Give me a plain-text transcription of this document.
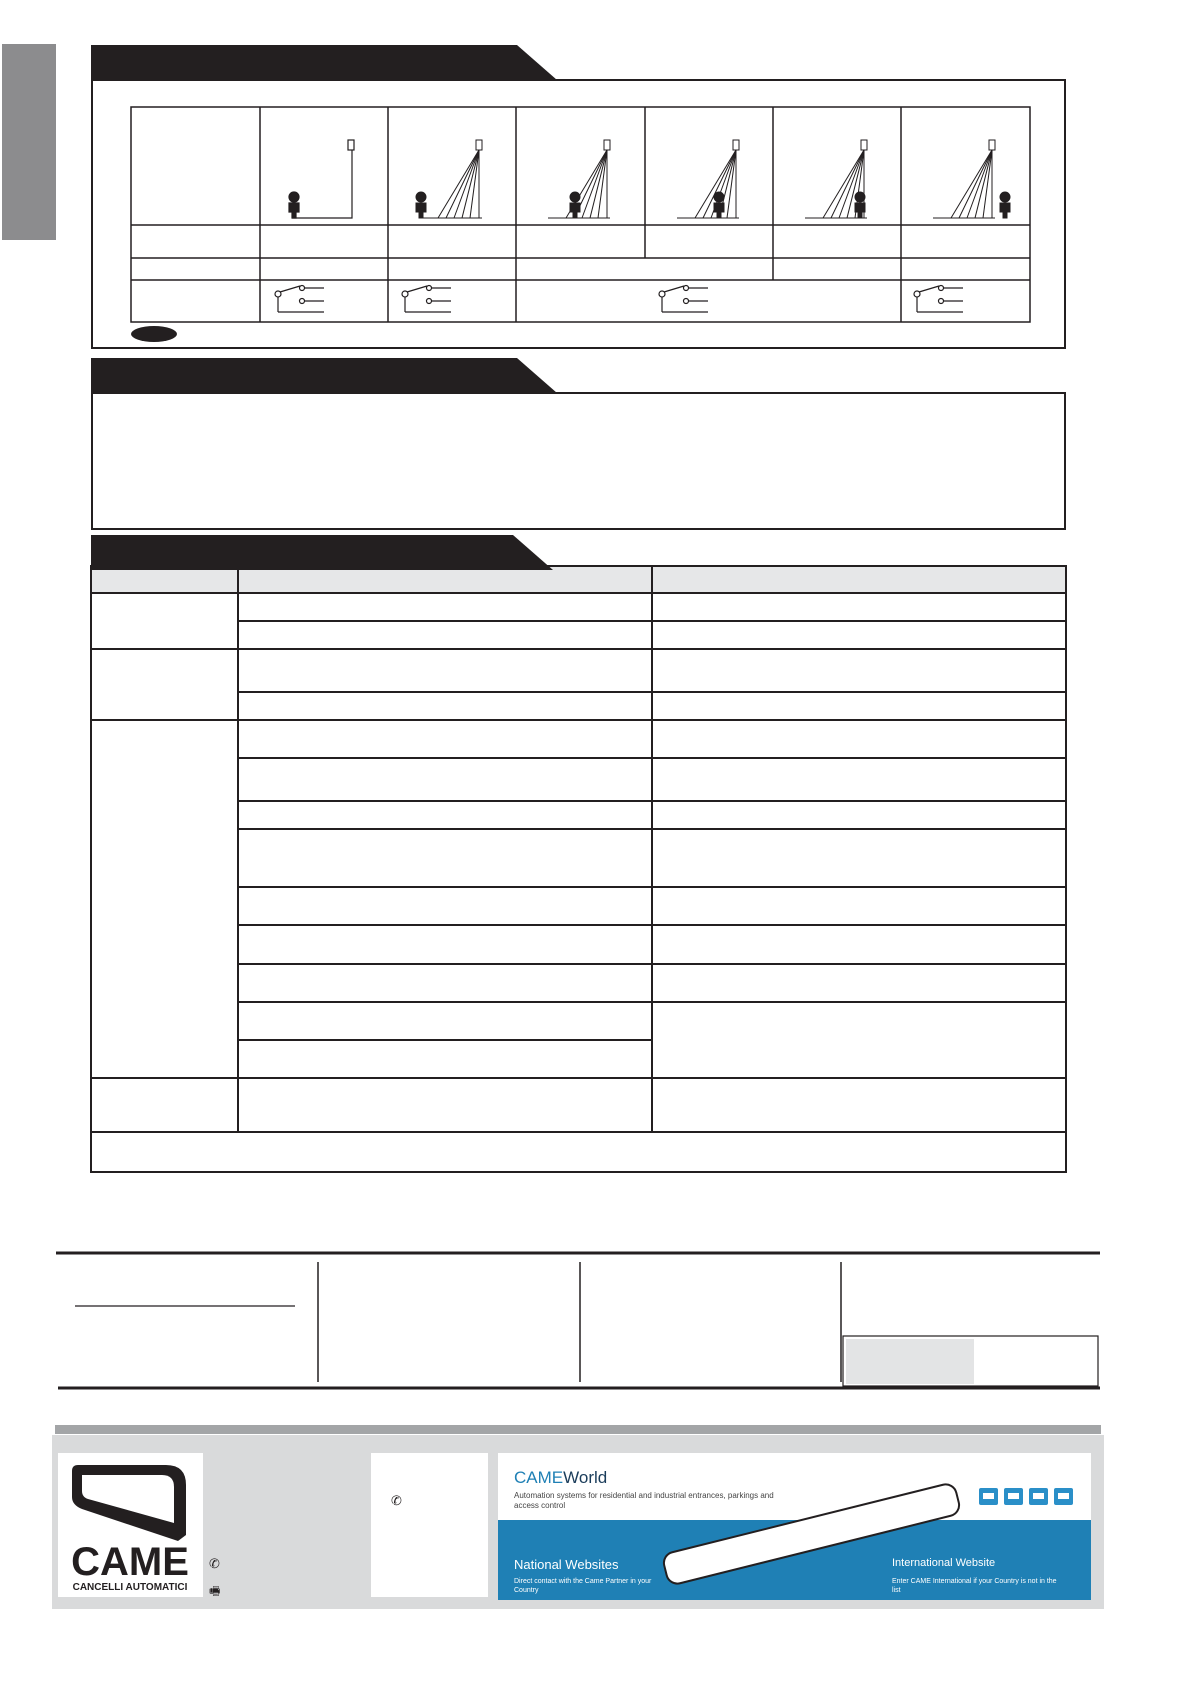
CAME
CANCELLI AUTOMATICI
✆
🖷
✆
CAMEWorld
Automation systems for residential and industrial entrances, parkings and access control
National Websites
Direct contact with the Came Partner in your Country
International Website
Enter CAME International if your Country is not in the list
